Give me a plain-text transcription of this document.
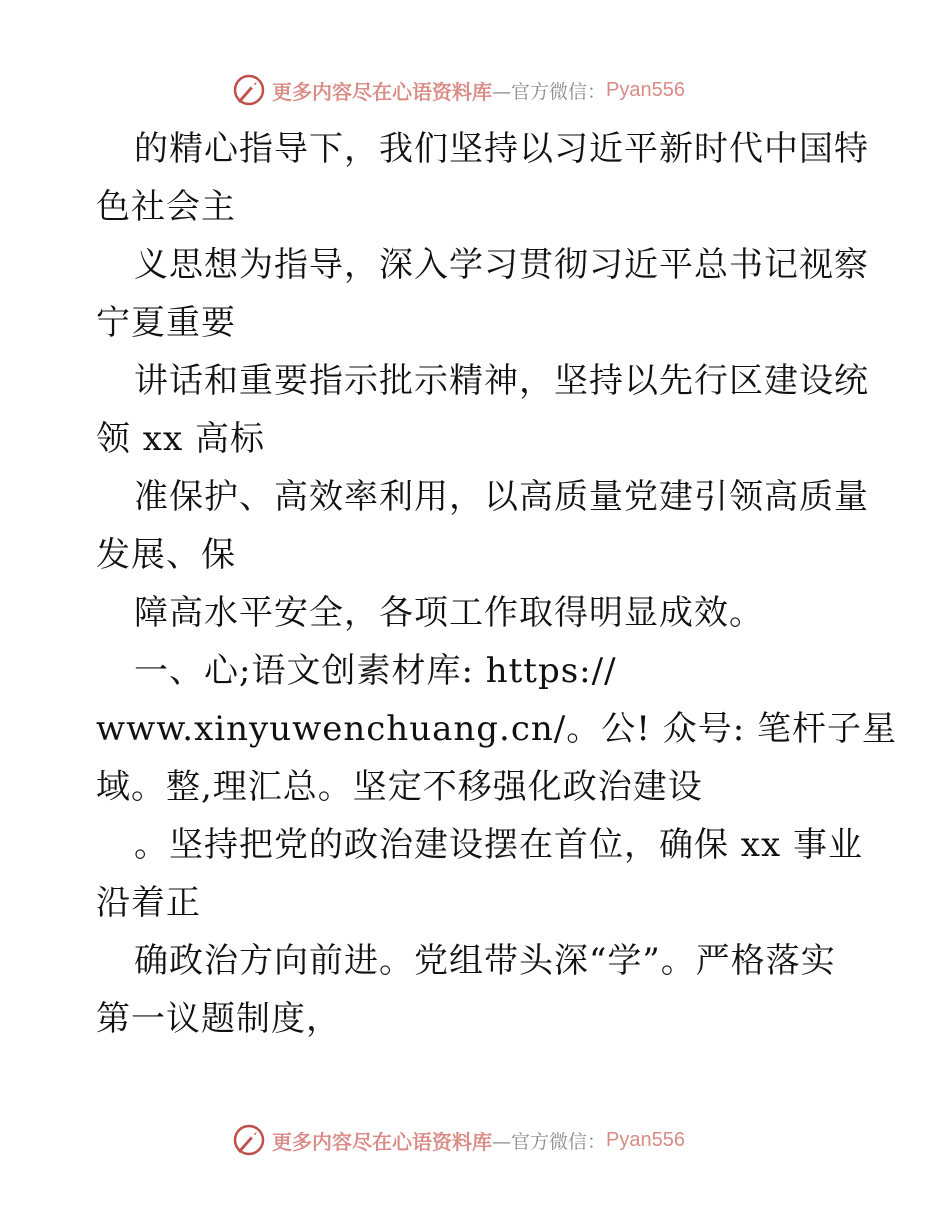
更多内容尽在心语资料库 —官方微信： Pyan556
的精心指导下，我们坚持以习近平新时代中国特
色社会主
义思想为指导，深入学习贯彻习近平总书记视察
宁夏重要
讲话和重要指示批示精神，坚持以先行区建设统
领 xx 高标
准保护、高效率利用，以高质量党建引领高质量
发展、保
障高水平安全，各项工作取得明显成效。
一、心;语文创素材库: https://
www.xinyuwenchuang.cn/。公! 众号: 笔杆子星
域。整,理汇总。坚定不移强化政治建设
。坚持把党的政治建设摆在首位，确保 xx 事业
沿着正
确政治方向前进。党组带头深“学”。严格落实
第一议题制度，
更多内容尽在心语资料库 —官方微信： Pyan556
